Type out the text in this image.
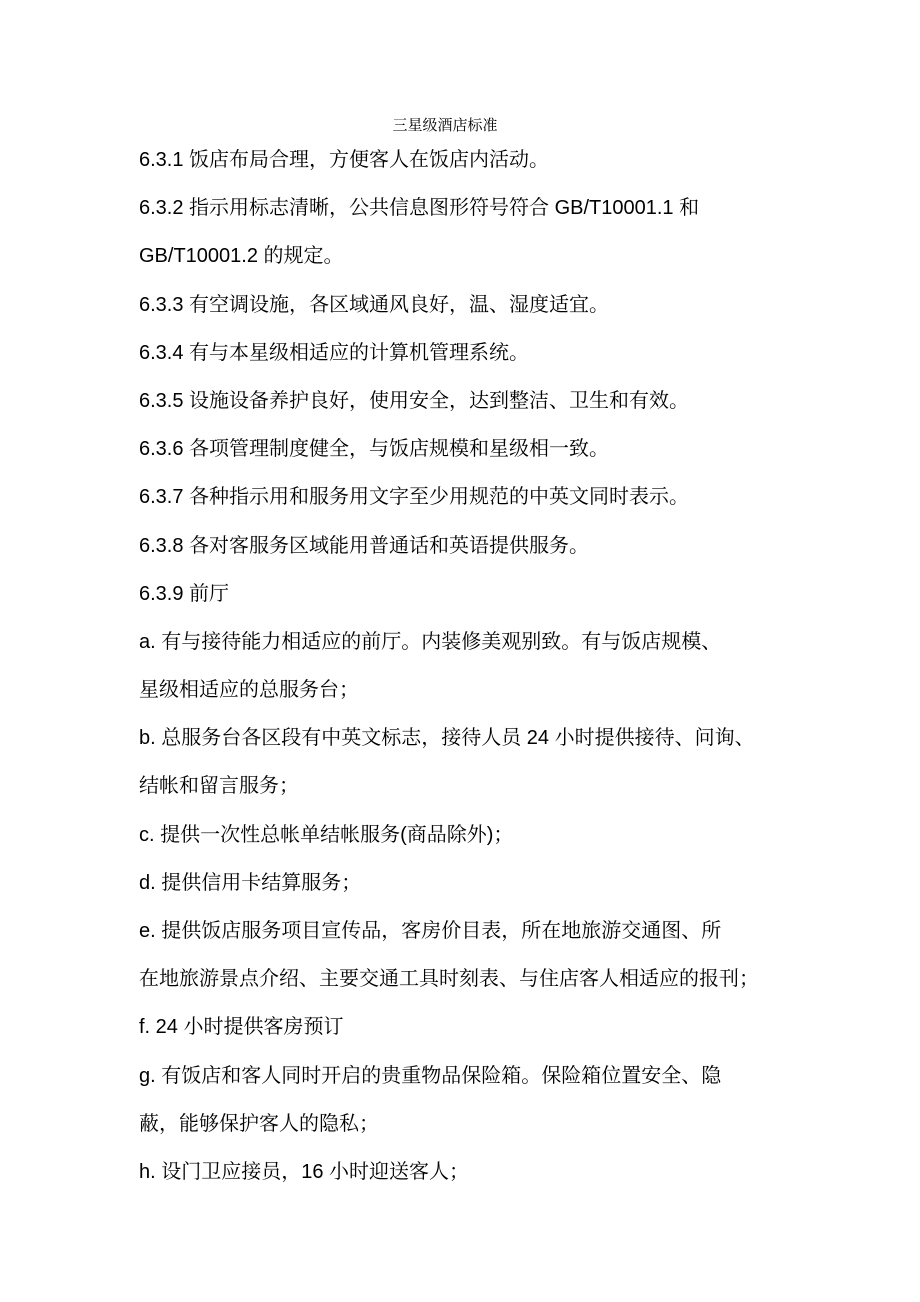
三星级酒店标准
6.3.1 饭店布局合理，方便客人在饭店内活动。
6.3.2 指示用标志清晰，公共信息图形符号符合 GB/T10001.1 和
GB/T10001.2 的规定。
6.3.3 有空调设施，各区域通风良好，温、湿度适宜。
6.3.4 有与本星级相适应的计算机管理系统。
6.3.5 设施设备养护良好，使用安全，达到整洁、卫生和有效。
6.3.6 各项管理制度健全，与饭店规模和星级相一致。
6.3.7 各种指示用和服务用文字至少用规范的中英文同时表示。
6.3.8 各对客服务区域能用普通话和英语提供服务。
6.3.9 前厅
a. 有与接待能力相适应的前厅。内装修美观别致。有与饭店规模、
星级相适应的总服务台；
b. 总服务台各区段有中英文标志，接待人员 24 小时提供接待、问询、
结帐和留言服务；
c. 提供一次性总帐单结帐服务(商品除外)；
d. 提供信用卡结算服务；
e. 提供饭店服务项目宣传品，客房价目表，所在地旅游交通图、所
在地旅游景点介绍、主要交通工具时刻表、与住店客人相适应的报刊；
f. 24 小时提供客房预订
g. 有饭店和客人同时开启的贵重物品保险箱。保险箱位置安全、隐
蔽，能够保护客人的隐私；
h. 设门卫应接员，16 小时迎送客人；
